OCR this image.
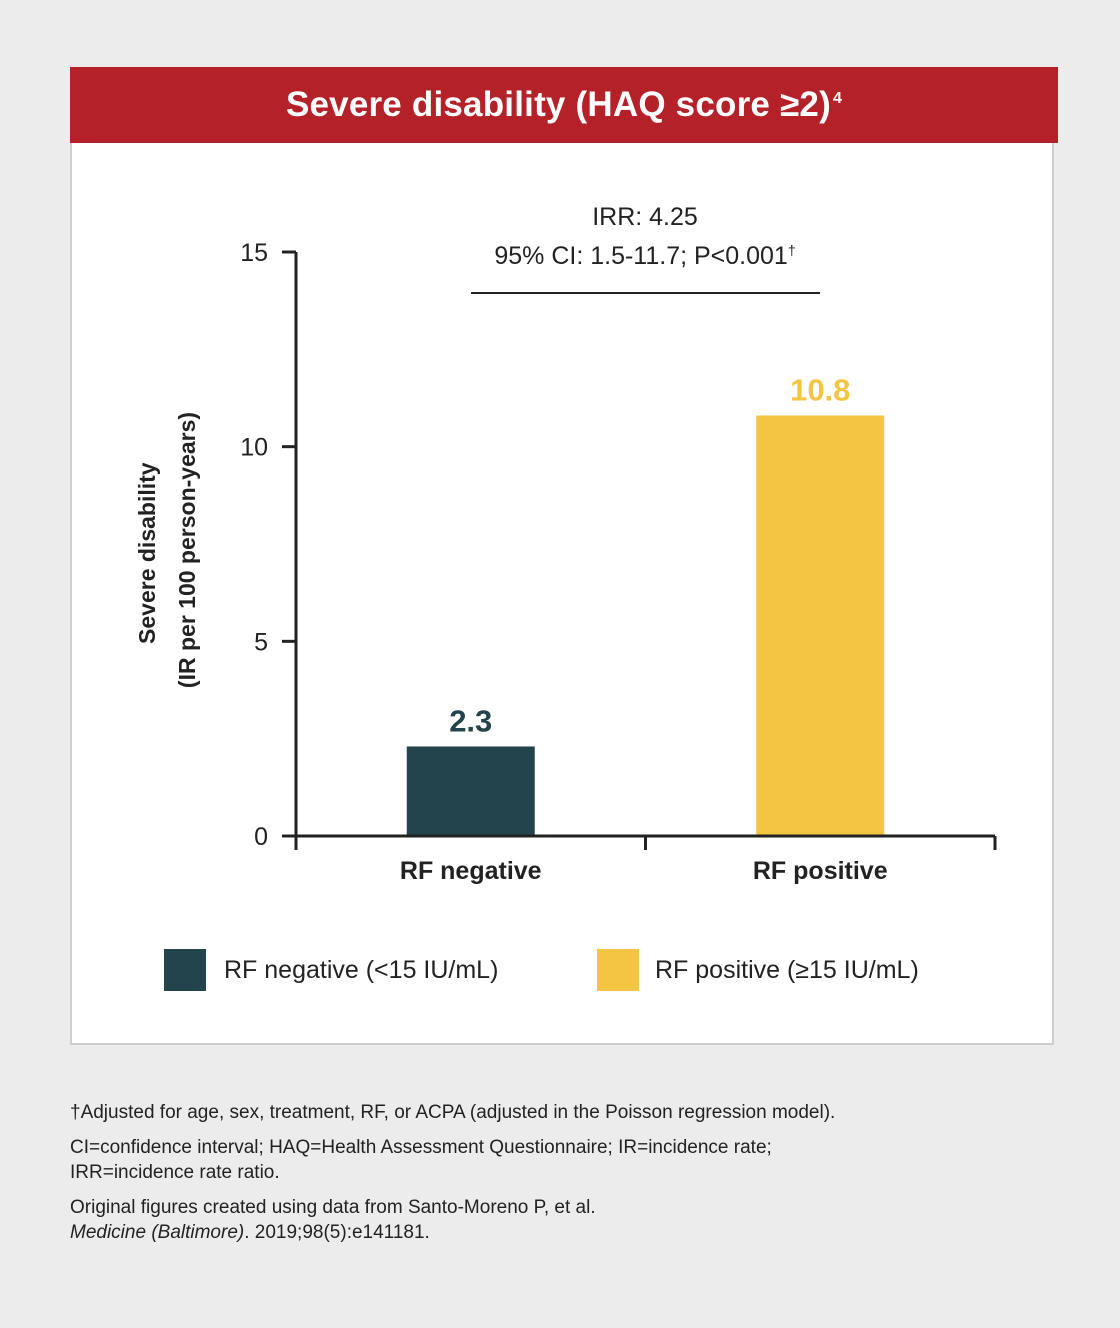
Severe disability (HAQ score ≥2)$^4$
IRR: 4.25
95% CI: 1.5-11.7; P<0.001†
Severe disability (IR per 100 person-years)
0
5
10
15
2.3
10.8
RF negative	RF positive
RF negative (<15 IU/mL)	RF positive (≥15 IU/mL)

†Adjusted for age, sex, treatment, RF, or ACPA (adjusted in the Poisson regression model).

CI=confidence interval; HAQ=Health Assessment Questionnaire; IR=incidence rate;
IRR=incidence rate ratio.

Original figures created using data from Santo-Moreno P, et al.
Medicine (Baltimore). 2019;98(5):e141181.
